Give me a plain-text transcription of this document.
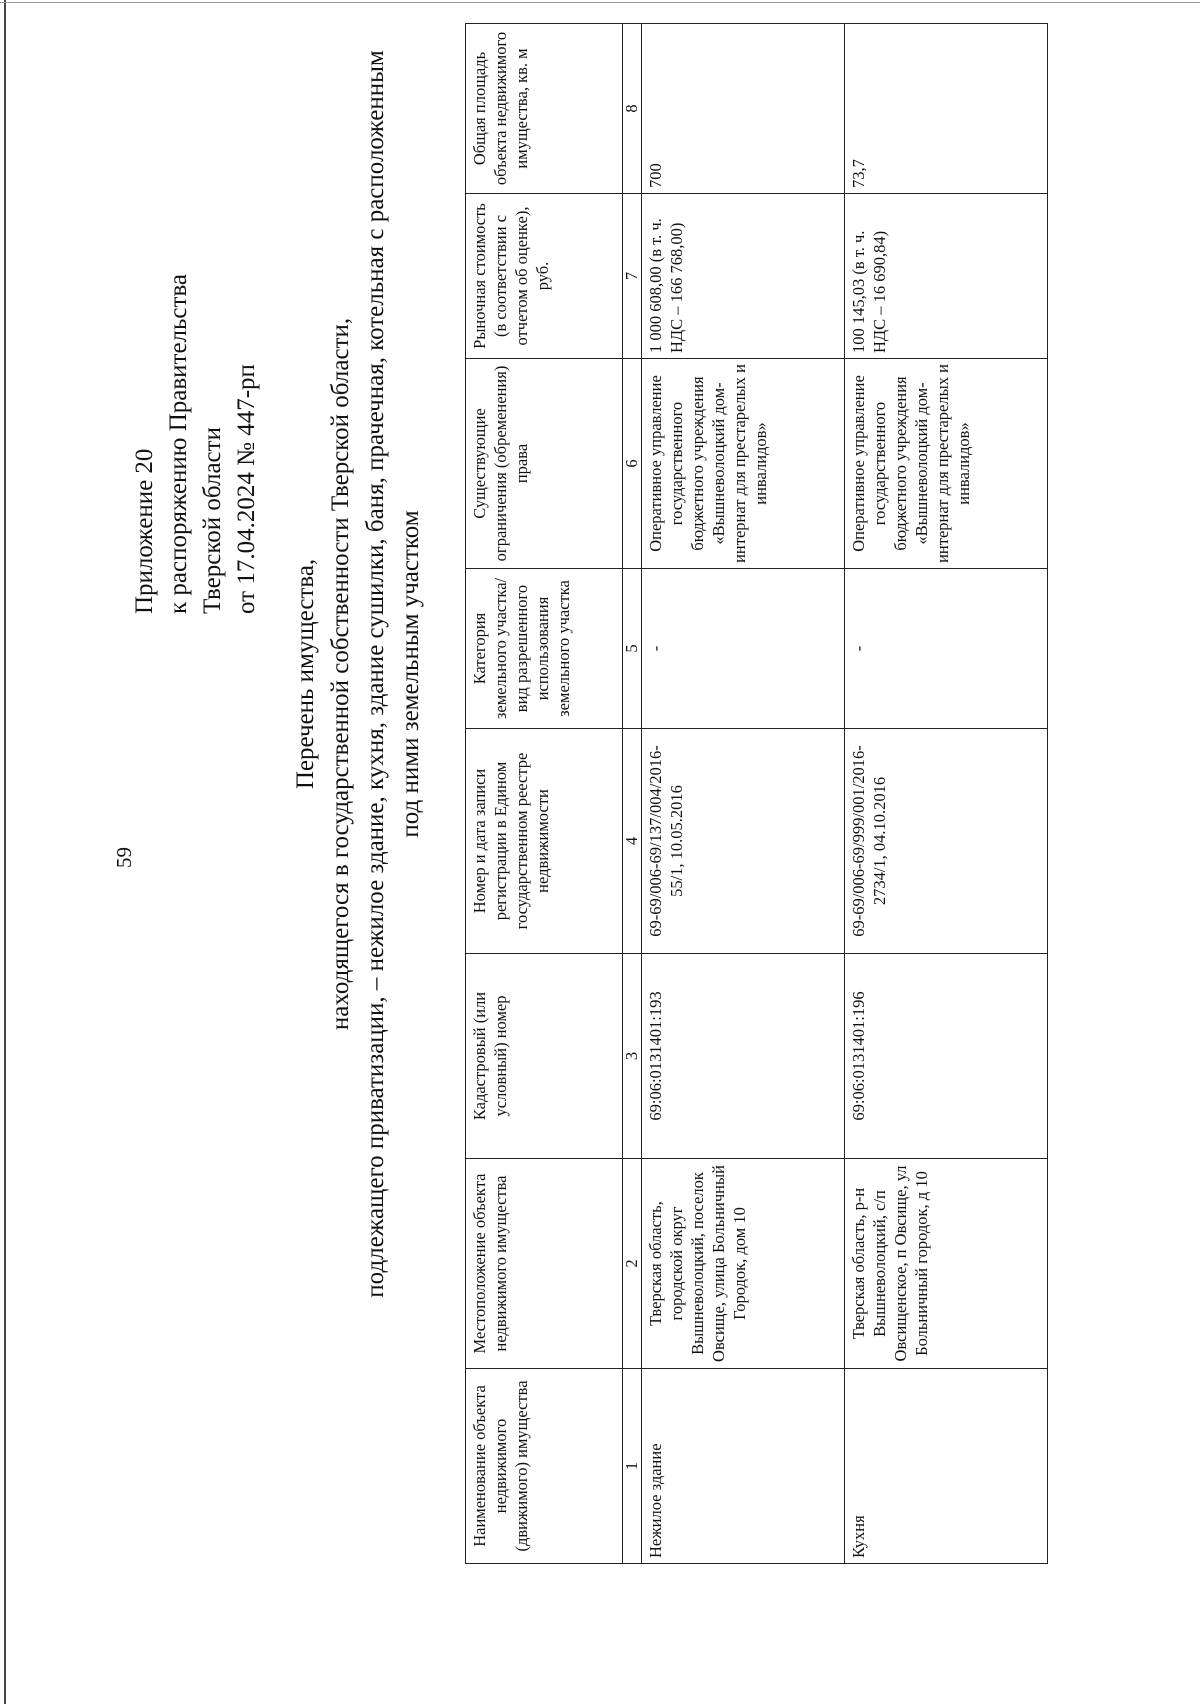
59
Приложение 20 к распоряжению Правительства Тверской области от 17.04.2024 № 447-рп
Перечень имущества, находящегося в государственной собственности Тверской области, подлежащего приватизации, – нежилое здание, кухня, здание сушилки, баня, прачечная, котельная с расположенным под ними земельным участком
Наименование объекта недвижимого (движимого) имущества	Местоположение объекта недвижимого имущества	Кадастровый (или условный) номер	Номер и дата записи регистрации в Едином государственном реестре недвижимости	Категория земельного участка/вид разрешенного использования земельного участка	Существующие ограничения (обременения) права	Рыночная стоимость (в соответствии с отчетом об оценке), руб.	Общая площадь объекта недвижимого имущества, кв. м
1	2	3	4	5	6	7	8
Нежилое здание	Тверская область, городской округ Вышневолоцкий, поселок Овсище, улица Больничный Городок, дом 10	69:06:0131401:193	69-69/006-69/137/004/2016-55/1, 10.05.2016	-	Оперативное управление государственного бюджетного учреждения «Вышневолоцкий дом-интернат для престарелых и инвалидов»	1 000 608,00 (в т. ч. НДС – 166 768,00)	700
Кухня	Тверская область, р-н Вышневолоцкий, с/п Овсищенское, п Овсище, ул Больничный городок, д 10	69:06:0131401:196	69-69/006-69/999/001/2016-2734/1, 04.10.2016	-	Оперативное управление государственного бюджетного учреждения «Вышневолоцкий дом-интернат для престарелых и инвалидов»	100 145,03 (в т. ч. НДС – 16 690,84)	73,7
